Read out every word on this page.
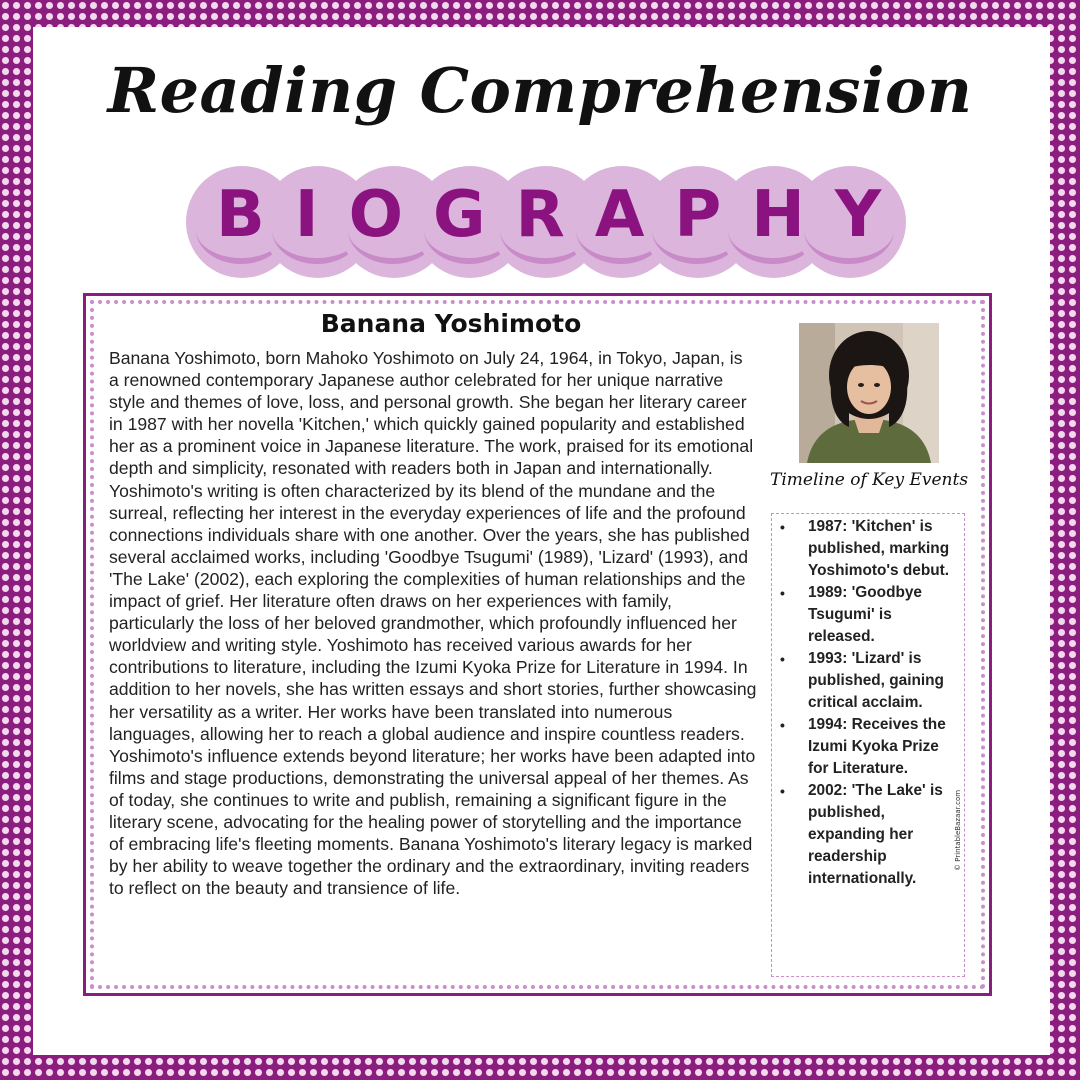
Reading Comprehension
BIOGRAPHY
Banana Yoshimoto

Banana Yoshimoto, born Mahoko Yoshimoto on July 24, 1964, in Tokyo, Japan, is a renowned contemporary Japanese author celebrated for her unique narrative style and themes of love, loss, and personal growth. She began her literary career in 1987 with her novella 'Kitchen,' which quickly gained popularity and established her as a prominent voice in Japanese literature. The work, praised for its emotional depth and simplicity, resonated with readers both in Japan and internationally. Yoshimoto's writing is often characterized by its blend of the mundane and the surreal, reflecting her interest in the everyday experiences of life and the profound connections individuals share with one another. Over the years, she has published several acclaimed works, including 'Goodbye Tsugumi' (1989), 'Lizard' (1993), and 'The Lake' (2002), each exploring the complexities of human relationships and the impact of grief. Her literature often draws on her experiences with family, particularly the loss of her beloved grandmother, which profoundly influenced her worldview and writing style. Yoshimoto has received various awards for her contributions to literature, including the Izumi Kyoka Prize for Literature in 1994. In addition to her novels, she has written essays and short stories, further showcasing her versatility as a writer. Her works have been translated into numerous languages, allowing her to reach a global audience and inspire countless readers. Yoshimoto's influence extends beyond literature; her works have been adapted into films and stage productions, demonstrating the universal appeal of her themes. As of today, she continues to write and publish, remaining a significant figure in the literary scene, advocating for the healing power of storytelling and the importance of embracing life's fleeting moments. Banana Yoshimoto's literary legacy is marked by her ability to weave together the ordinary and the extraordinary, inviting readers to reflect on the beauty and transience of life.

Timeline of Key Events
• 1987: 'Kitchen' is published, marking Yoshimoto's debut.
• 1989: 'Goodbye Tsugumi' is released.
• 1993: 'Lizard' is published, gaining critical acclaim.
• 1994: Receives the Izumi Kyoka Prize for Literature.
• 2002: 'The Lake' is published, expanding her readership internationally.
© PrintableBazaar.com
